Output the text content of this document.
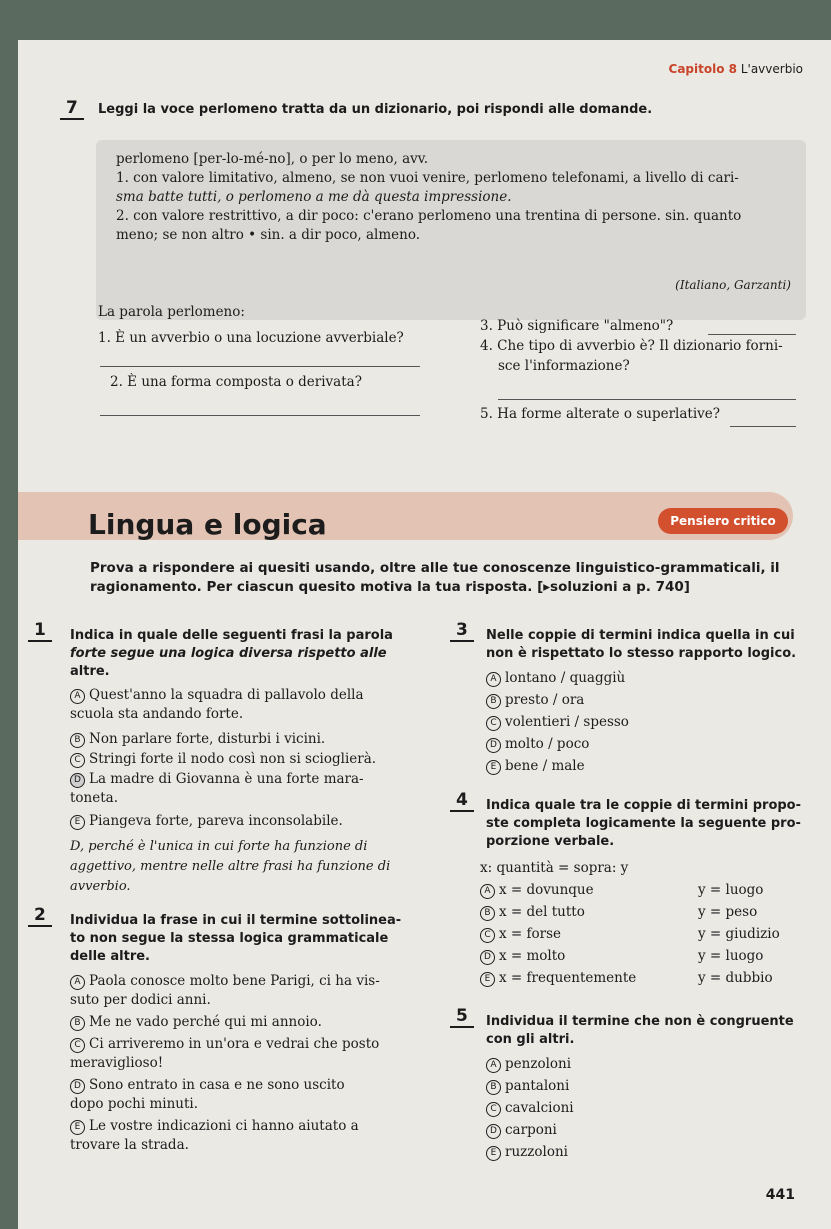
Capitolo 8 L'avverbio
7	Leggi la voce perlomeno tratta da un dizionario, poi rispondi alle domande.
perlomeno [per-lo-mé-no], o per lo meno, avv.
1. con valore limitativo, almeno, se non vuoi venire, perlomeno telefonami, a livello di cari-
sma batte tutti, o perlomeno a me dà questa impressione.
2. con valore restrittivo, a dir poco: c'erano perlomeno una trentina di persone. sin. quanto
meno; se non altro • sin. a dir poco, almeno.
(Italiano, Garzanti)
La parola perlomeno:
1. È un avverbio o una locuzione avverbiale?
2. È una forma composta o derivata?
3. Può significare "almeno"?
4. Che tipo di avverbio è? Il dizionario forni-
sce l'informazione?
5. Ha forme alterate o superlative?
Lingua e logica	Pensiero critico
Prova a rispondere ai quesiti usando, oltre alle tue conoscenze linguistico-grammaticali, il
ragionamento. Per ciascun quesito motiva la tua risposta. [▸soluzioni a p. 740]
1	Indica in quale delle seguenti frasi la parola
forte segue una logica diversa rispetto alle
altre.
A Quest'anno la squadra di pallavolo della
scuola sta andando forte.
B Non parlare forte, disturbi i vicini.
C Stringi forte il nodo così non si scioglierà.
D La madre di Giovanna è una forte mara-
toneta.
E Piangeva forte, pareva inconsolabile.
D, perché è l'unica in cui forte ha funzione di
aggettivo, mentre nelle altre frasi ha funzione di
avverbio.
2	Individua la frase in cui il termine sottolinea-
to non segue la stessa logica grammaticale
delle altre.
A Paola conosce molto bene Parigi, ci ha vis-
suto per dodici anni.
B Me ne vado perché qui mi annoio.
C Ci arriveremo in un'ora e vedrai che posto
meraviglioso!
D Sono entrato in casa e ne sono uscito
dopo pochi minuti.
E Le vostre indicazioni ci hanno aiutato a
trovare la strada.
3	Nelle coppie di termini indica quella in cui
non è rispettato lo stesso rapporto logico.
A lontano / quaggiù
B presto / ora
C volentieri / spesso
D molto / poco
E bene / male
4	Indica quale tra le coppie di termini propo-
ste completa logicamente la seguente pro-
porzione verbale.
x: quantità = sopra: y
A x = dovunque	y = luogo
B x = del tutto	y = peso
C x = forse	y = giudizio
D x = molto	y = luogo
E x = frequentemente	y = dubbio
5	Individua il termine che non è congruente
con gli altri.
A penzoloni
B pantaloni
C cavalcioni
D carponi
E ruzzoloni
441
